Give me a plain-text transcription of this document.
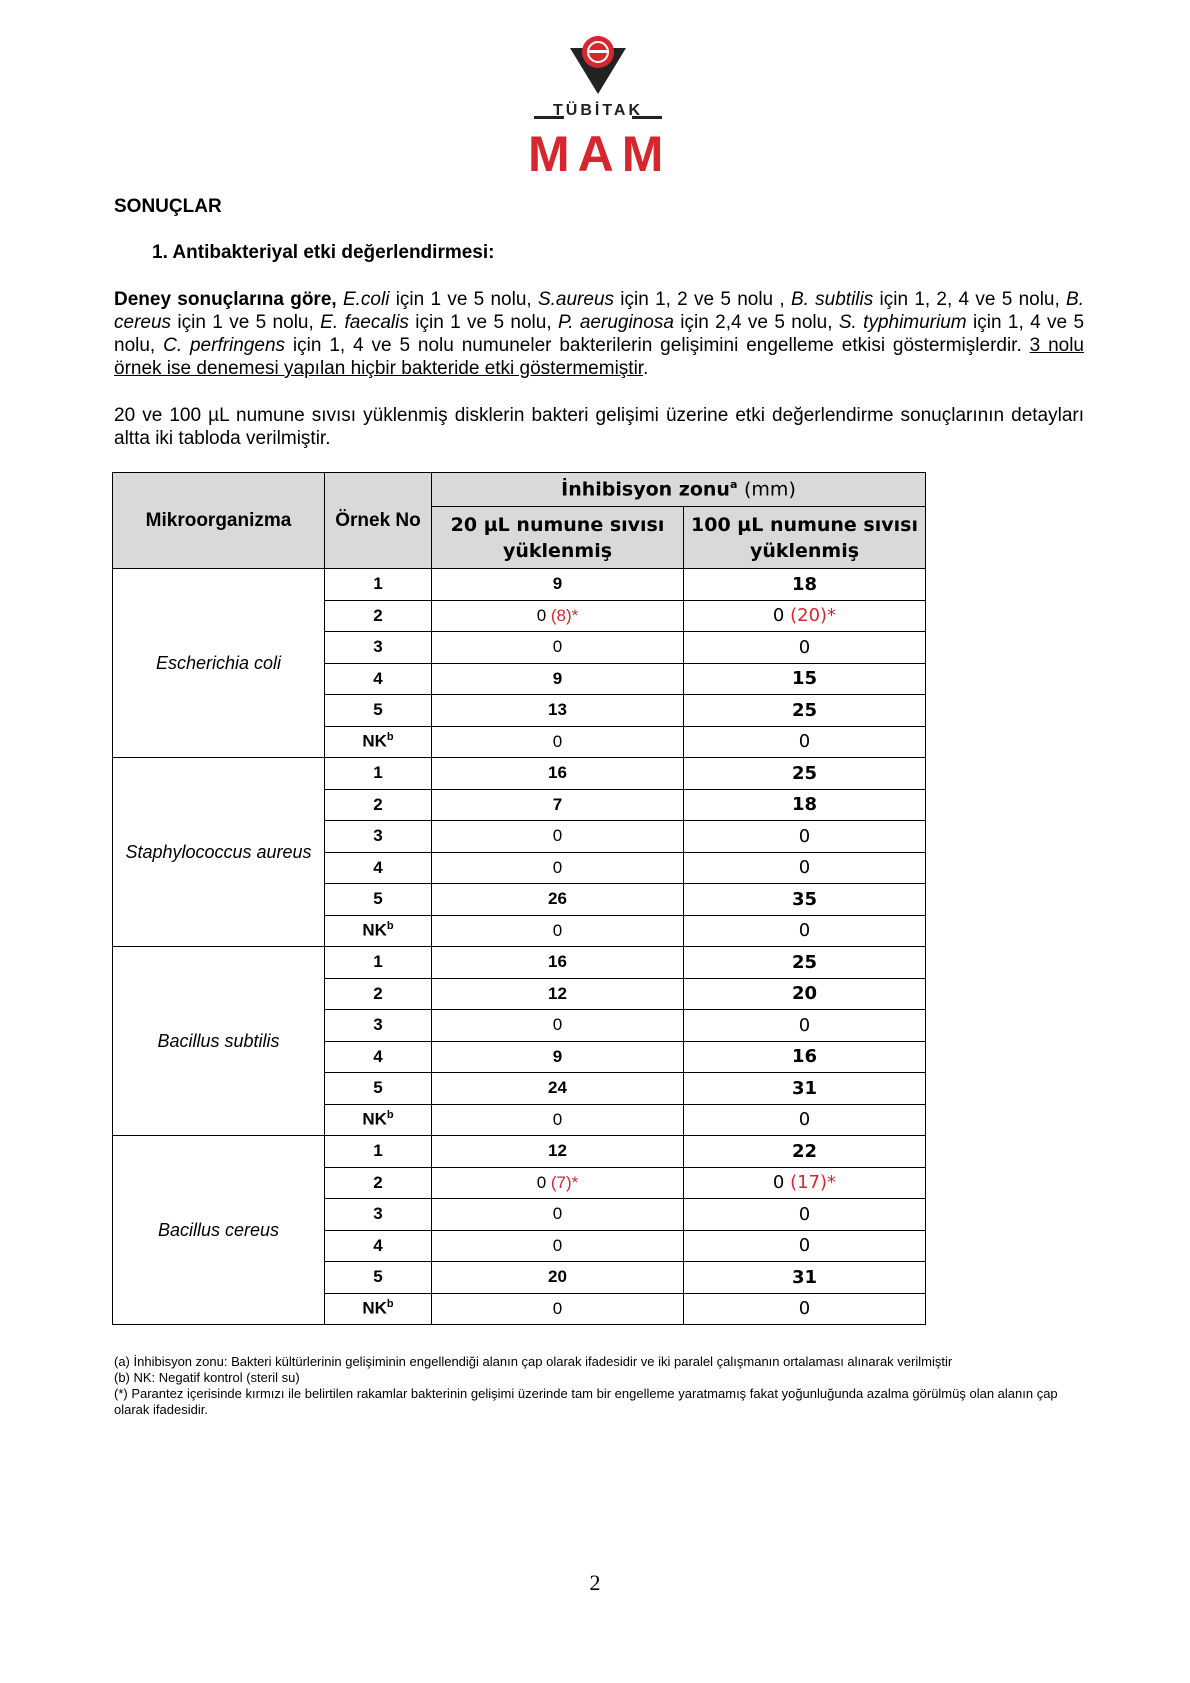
TÜBİTAK
MAM
SONUÇLAR
1. Antibakteriyal etki değerlendirmesi:
Deney sonuçlarına göre, E.coli için 1 ve 5 nolu, S.aureus için 1, 2 ve 5 nolu , B. subtilis için 1, 2, 4 ve 5 nolu, B. cereus için 1 ve 5 nolu, E. faecalis için 1 ve 5 nolu, P. aeruginosa için 2,4 ve 5 nolu, S. typhimurium için 1, 4 ve 5 nolu, C. perfringens için 1, 4 ve 5 nolu numuneler bakterilerin gelişimini engelleme etkisi göstermişlerdir. 3 nolu örnek ise denemesi yapılan hiçbir bakteride etki göstermemiştir.
20 ve 100 µL numune sıvısı yüklenmiş disklerin bakteri gelişimi üzerine etki değerlendirme sonuçlarının detayları altta iki tabloda verilmiştir.
Mikroorganizma	Örnek No	İnhibisyon zonu$^a$ (mm)	
		20 µL numune sıvısı yüklenmiş	100 µL numune sıvısı yüklenmiş
Escherichia coli	1	9	18
	2	0 (8)*	0 (20)*
	3	0	0
	4	9	15
	5	13	25
	$NK^b$	0	0
Staphylococcus aureus	1	16	25
	2	7	18
	3	0	0
	4	0	0
	5	26	35
	$NK^b$	0	0
Bacillus subtilis	1	16	25
	2	12	20
	3	0	0
	4	9	16
	5	24	31
	$NK^b$	0	0
Bacillus cereus	1	12	22
	2	0 (7)*	0 (17)*
	3	0	0
	4	0	0
	5	20	31
	$NK^b$	0	0
(a) İnhibisyon zonu: Bakteri kültürlerinin gelişiminin engellendiği alanın çap olarak ifadesidir ve iki paralel çalışmanın ortalaması alınarak verilmiştir
(b) NK: Negatif kontrol (steril su)
(*) Parantez içerisinde kırmızı ile belirtilen rakamlar bakterinin gelişimi üzerinde tam bir engelleme yaratmamış fakat yoğunluğunda azalma görülmüş olan alanın çap olarak ifadesidir.
2
